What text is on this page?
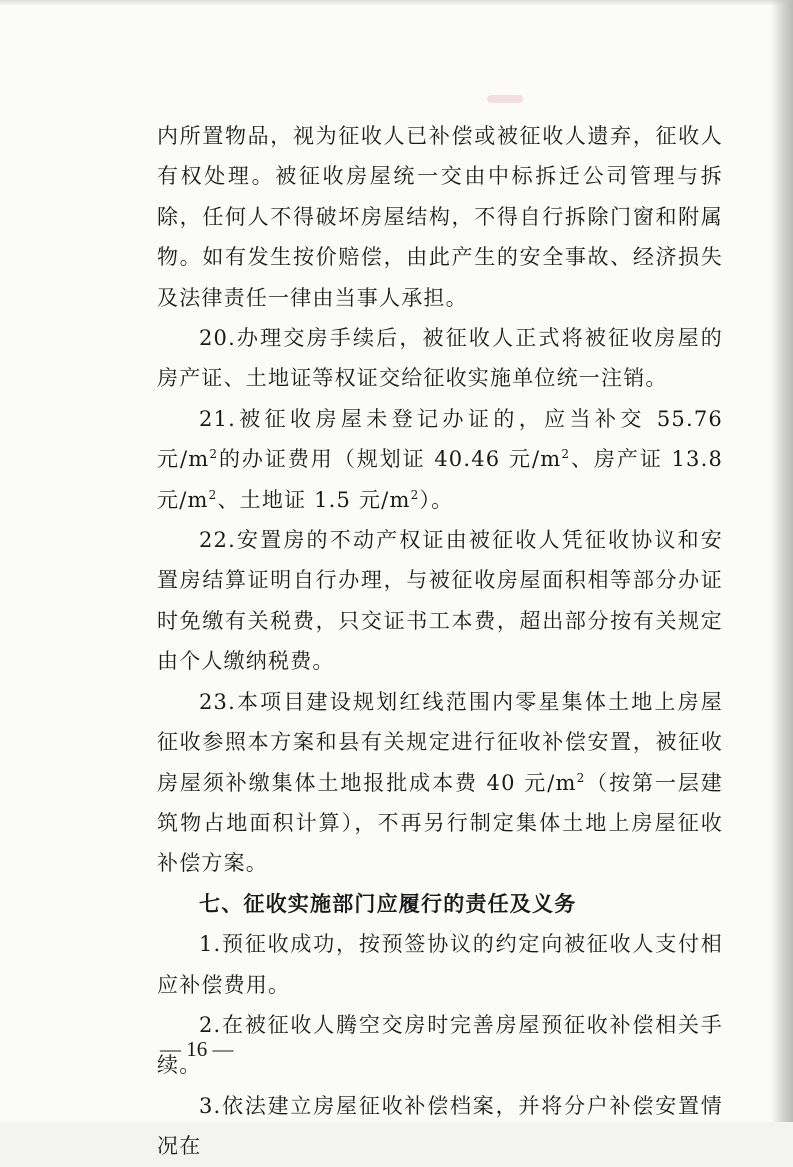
内所置物品，视为征收人已补偿或被征收人遗弃，征收人有权处理。被征收房屋统一交由中标拆迁公司管理与拆除，任何人不得破坏房屋结构，不得自行拆除门窗和附属物。如有发生按价赔偿，由此产生的安全事故、经济损失及法律责任一律由当事人承担。

20.办理交房手续后，被征收人正式将被征收房屋的房产证、土地证等权证交给征收实施单位统一注销。

21.被征收房屋未登记办证的，应当补交 55.76 元$/m^2$的办证费用（规划证 40.46 元$/m^2$、房产证 13.8 元$/m^2$、土地证 1.5 元$/m^2$）。

22.安置房的不动产权证由被征收人凭征收协议和安置房结算证明自行办理，与被征收房屋面积相等部分办证时免缴有关税费，只交证书工本费，超出部分按有关规定由个人缴纳税费。

23.本项目建设规划红线范围内零星集体土地上房屋征收参照本方案和县有关规定进行征收补偿安置，被征收房屋须补缴集体土地报批成本费 40 元$/m^2$（按第一层建筑物占地面积计算），不再另行制定集体土地上房屋征收补偿方案。

七、征收实施部门应履行的责任及义务

1.预征收成功，按预签协议的约定向被征收人支付相应补偿费用。

2.在被征收人腾空交房时完善房屋预征收补偿相关手续。

3.依法建立房屋征收补偿档案，并将分户补偿安置情况在

— 16 —
